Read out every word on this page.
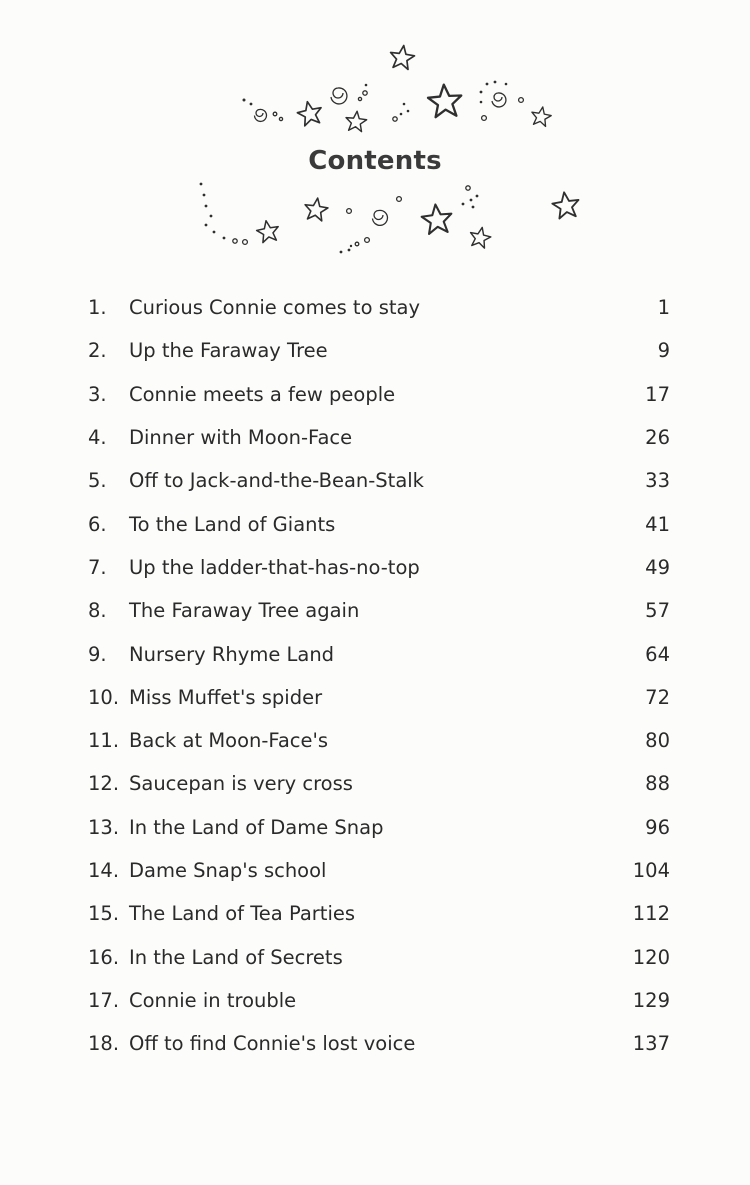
Contents
1.	Curious Connie comes to stay	1
2.	Up the Faraway Tree	9
3.	Connie meets a few people	17
4.	Dinner with Moon-Face	26
5.	Off to Jack-and-the-Bean-Stalk	33
6.	To the Land of Giants	41
7.	Up the ladder-that-has-no-top	49
8.	The Faraway Tree again	57
9.	Nursery Rhyme Land	64
10. Miss Muffet's spider	72
11. Back at Moon-Face's	80
12. Saucepan is very cross	88
13. In the Land of Dame Snap	96
14. Dame Snap's school	104
15. The Land of Tea Parties	112
16. In the Land of Secrets	120
17. Connie in trouble	129
18. Off to find Connie's lost voice	137
